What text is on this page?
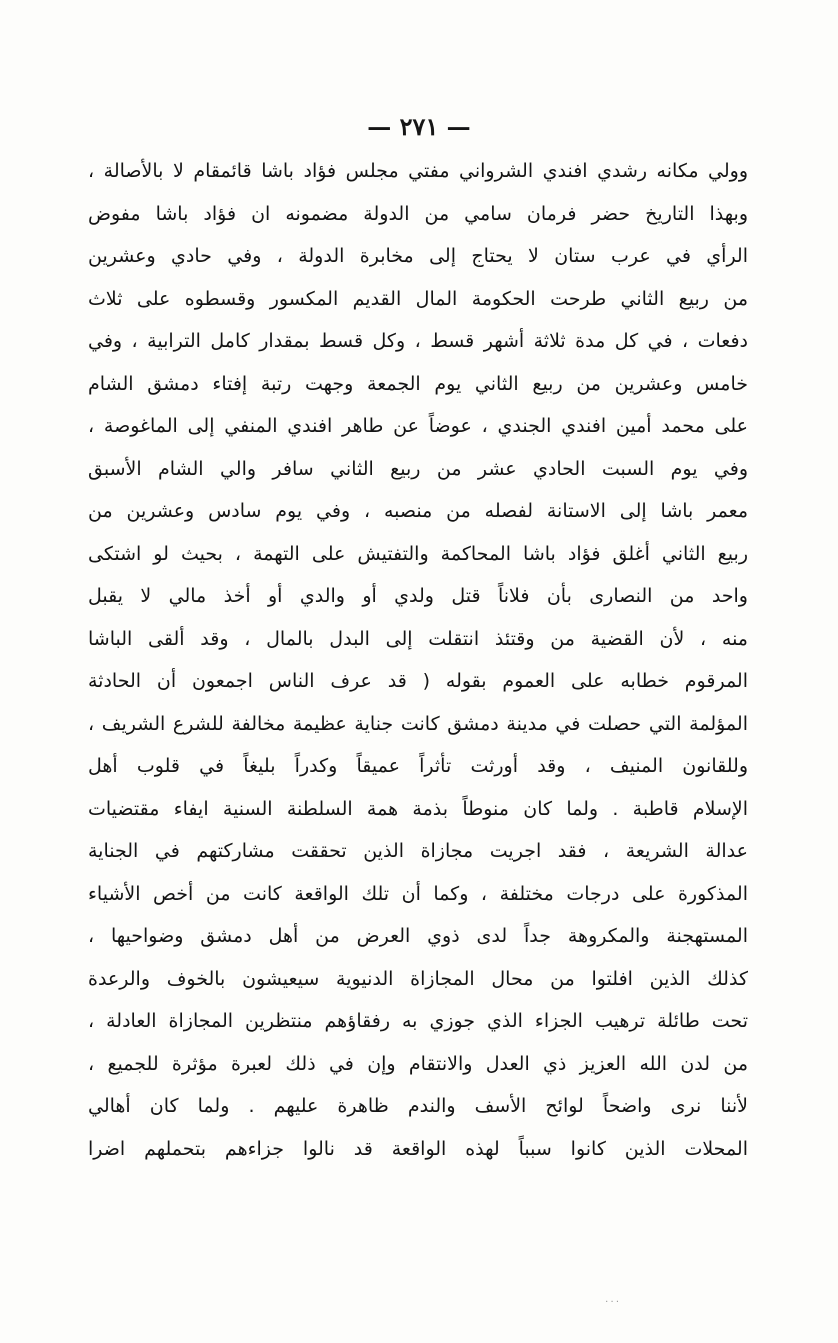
— ٢٧١ —
وولي مكانه رشدي افندي الشرواني مفتي مجلس فؤاد باشا قائمقام لا بالأصالة ،
وبهذا التاريخ حضر فرمان سامي من الدولة مضمونه ان فؤاد باشا مفوض
الرأي في عرب ستان لا يحتاج إلى مخابرة الدولة ، وفي حادي وعشرين
من ربيع الثاني طرحت الحكومة المال القديم المكسور وقسطوه على ثلاث
دفعات ، في كل مدة ثلاثة أشهر قسط ، وكل قسط بمقدار كامل الترابية ، وفي
خامس وعشرين من ربيع الثاني يوم الجمعة وجهت رتبة إفتاء دمشق الشام
على محمد أمين افندي الجندي ، عوضاً عن طاهر افندي المنفي إلى الماغوصة ،
وفي يوم السبت الحادي عشر من ربيع الثاني سافر والي الشام الأسبق
معمر باشا إلى الاستانة لفصله من منصبه ، وفي يوم سادس وعشرين من
ربيع الثاني أغلق فؤاد باشا المحاكمة والتفتيش على التهمة ، بحيث لو اشتكى
واحد من النصارى بأن فلاناً قتل ولدي أو والدي أو أخذ مالي لا يقبل
منه ، لأن القضية من وقتئذ انتقلت إلى البدل بالمال ، وقد ألقى الباشا
المرقوم خطابه على العموم بقوله ( قد عرف الناس اجمعون أن الحادثة
المؤلمة التي حصلت في مدينة دمشق كانت جناية عظيمة مخالفة للشرع الشريف ،
وللقانون المنيف ، وقد أورثت تأثراً عميقاً وكدراً بليغاً في قلوب أهل
الإسلام قاطبة . ولما كان منوطاً بذمة همة السلطنة السنية ايفاء مقتضيات
عدالة الشريعة ، فقد اجريت مجازاة الذين تحققت مشاركتهم في الجناية
المذكورة على درجات مختلفة ، وكما أن تلك الواقعة كانت من أخص الأشياء
المستهجنة والمكروهة جداً لدى ذوي العرض من أهل دمشق وضواحيها ،
كذلك الذين افلتوا من محال المجازاة الدنيوية سيعيشون بالخوف والرعدة
تحت طائلة ترهيب الجزاء الذي جوزي به رفقاؤهم منتظرين المجازاة العادلة ،
من لدن الله العزيز ذي العدل والانتقام وإن في ذلك لعبرة مؤثرة للجميع ،
لأننا نرى واضحاً لوائح الأسف والندم ظاهرة عليهم . ولما كان أهالي
المحلات الذين كانوا سبباً لهذه الواقعة قد نالوا جزاءهم بتحملهم اضرا
٠٠٠
